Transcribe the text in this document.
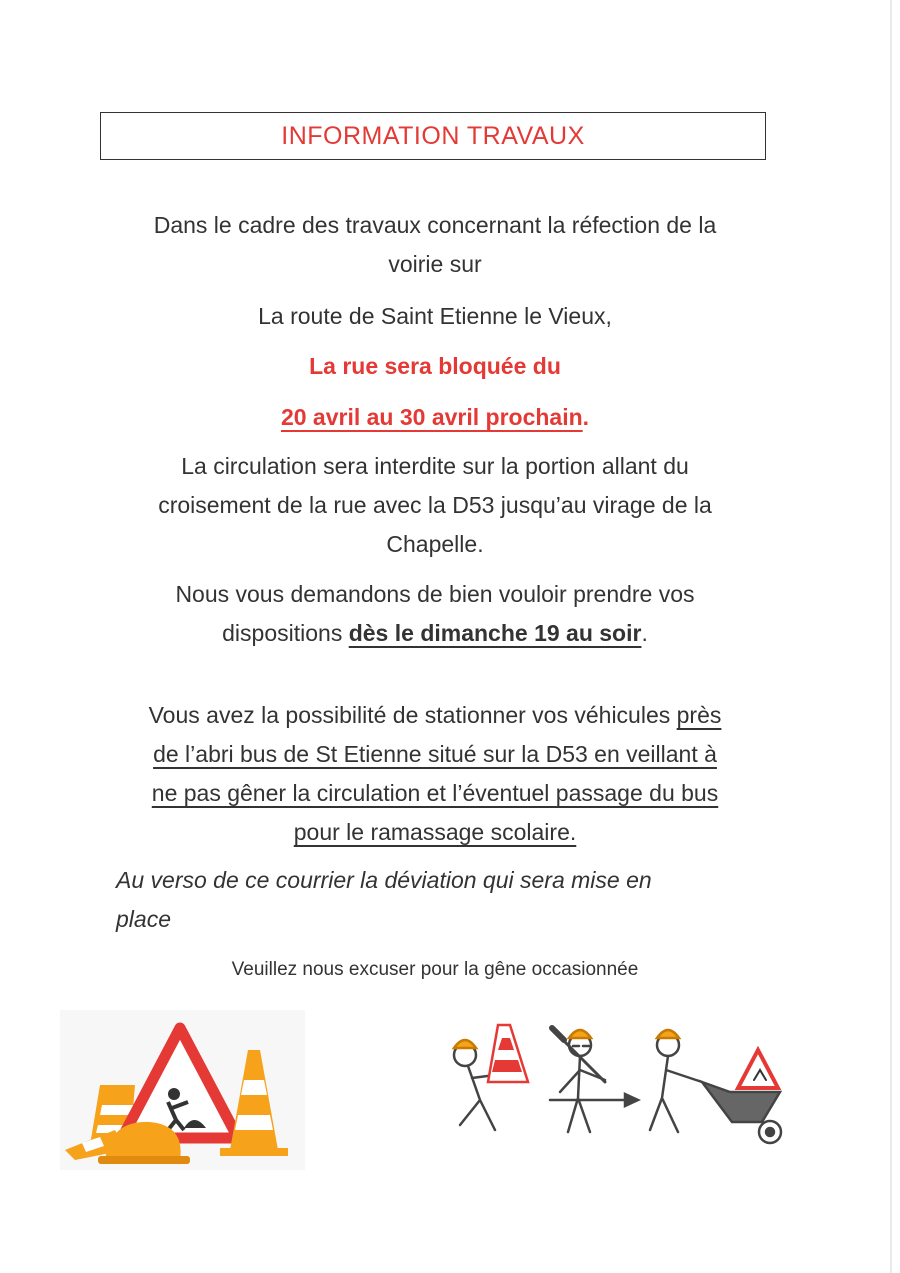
INFORMATION TRAVAUX
Dans le cadre des travaux concernant la réfection de la
voirie sur
La route de Saint Etienne le Vieux,
La rue sera bloquée du
20 avril au 30 avril prochain.
La circulation sera interdite sur la portion allant du
croisement de la rue avec la D53 jusqu’au virage de la
Chapelle.
Nous vous demandons de bien vouloir prendre vos
dispositions dès le dimanche 19 au soir.
Vous avez la possibilité de stationner vos véhicules près
de l’abri bus de St Etienne situé sur la D53 en veillant à
ne pas gêner la circulation et l’éventuel passage du bus
pour le ramassage scolaire.
Au verso de ce courrier la déviation qui sera mise en
place
Veuillez nous excuser pour la gêne occasionnée
